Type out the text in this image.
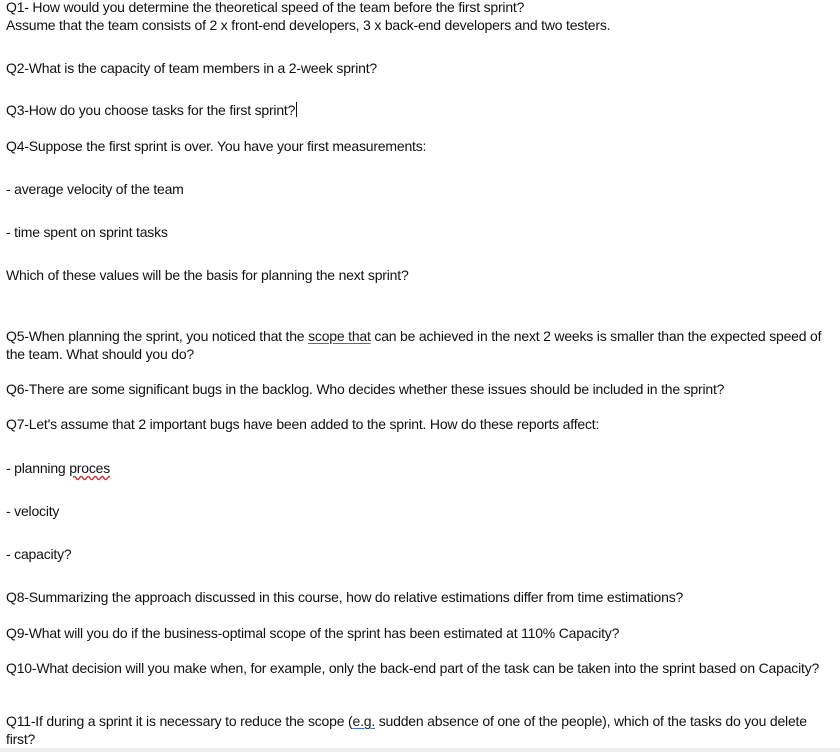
Q1- How would you determine the theoretical speed of the team before the first sprint?
Assume that the team consists of 2 x front-end developers, 3 x back-end developers and two testers.
Q2-What is the capacity of team members in a 2-week sprint?
Q3-How do you choose tasks for the first sprint?
Q4-Suppose the first sprint is over. You have your first measurements:
- average velocity of the team
- time spent on sprint tasks
Which of these values will be the basis for planning the next sprint?
Q5-When planning the sprint, you noticed that the scope that can be achieved in the next 2 weeks is smaller than the expected speed of the team. What should you do?
Q6-There are some significant bugs in the backlog. Who decides whether these issues should be included in the sprint?
Q7-Let's assume that 2 important bugs have been added to the sprint. How do these reports affect:
- planning proces
- velocity
- capacity?
Q8-Summarizing the approach discussed in this course, how do relative estimations differ from time estimations?
Q9-What will you do if the business-optimal scope of the sprint has been estimated at 110% Capacity?
Q10-What decision will you make when, for example, only the back-end part of the task can be taken into the sprint based on Capacity?
Q11-If during a sprint it is necessary to reduce the scope (e.g. sudden absence of one of the people), which of the tasks do you delete first?
